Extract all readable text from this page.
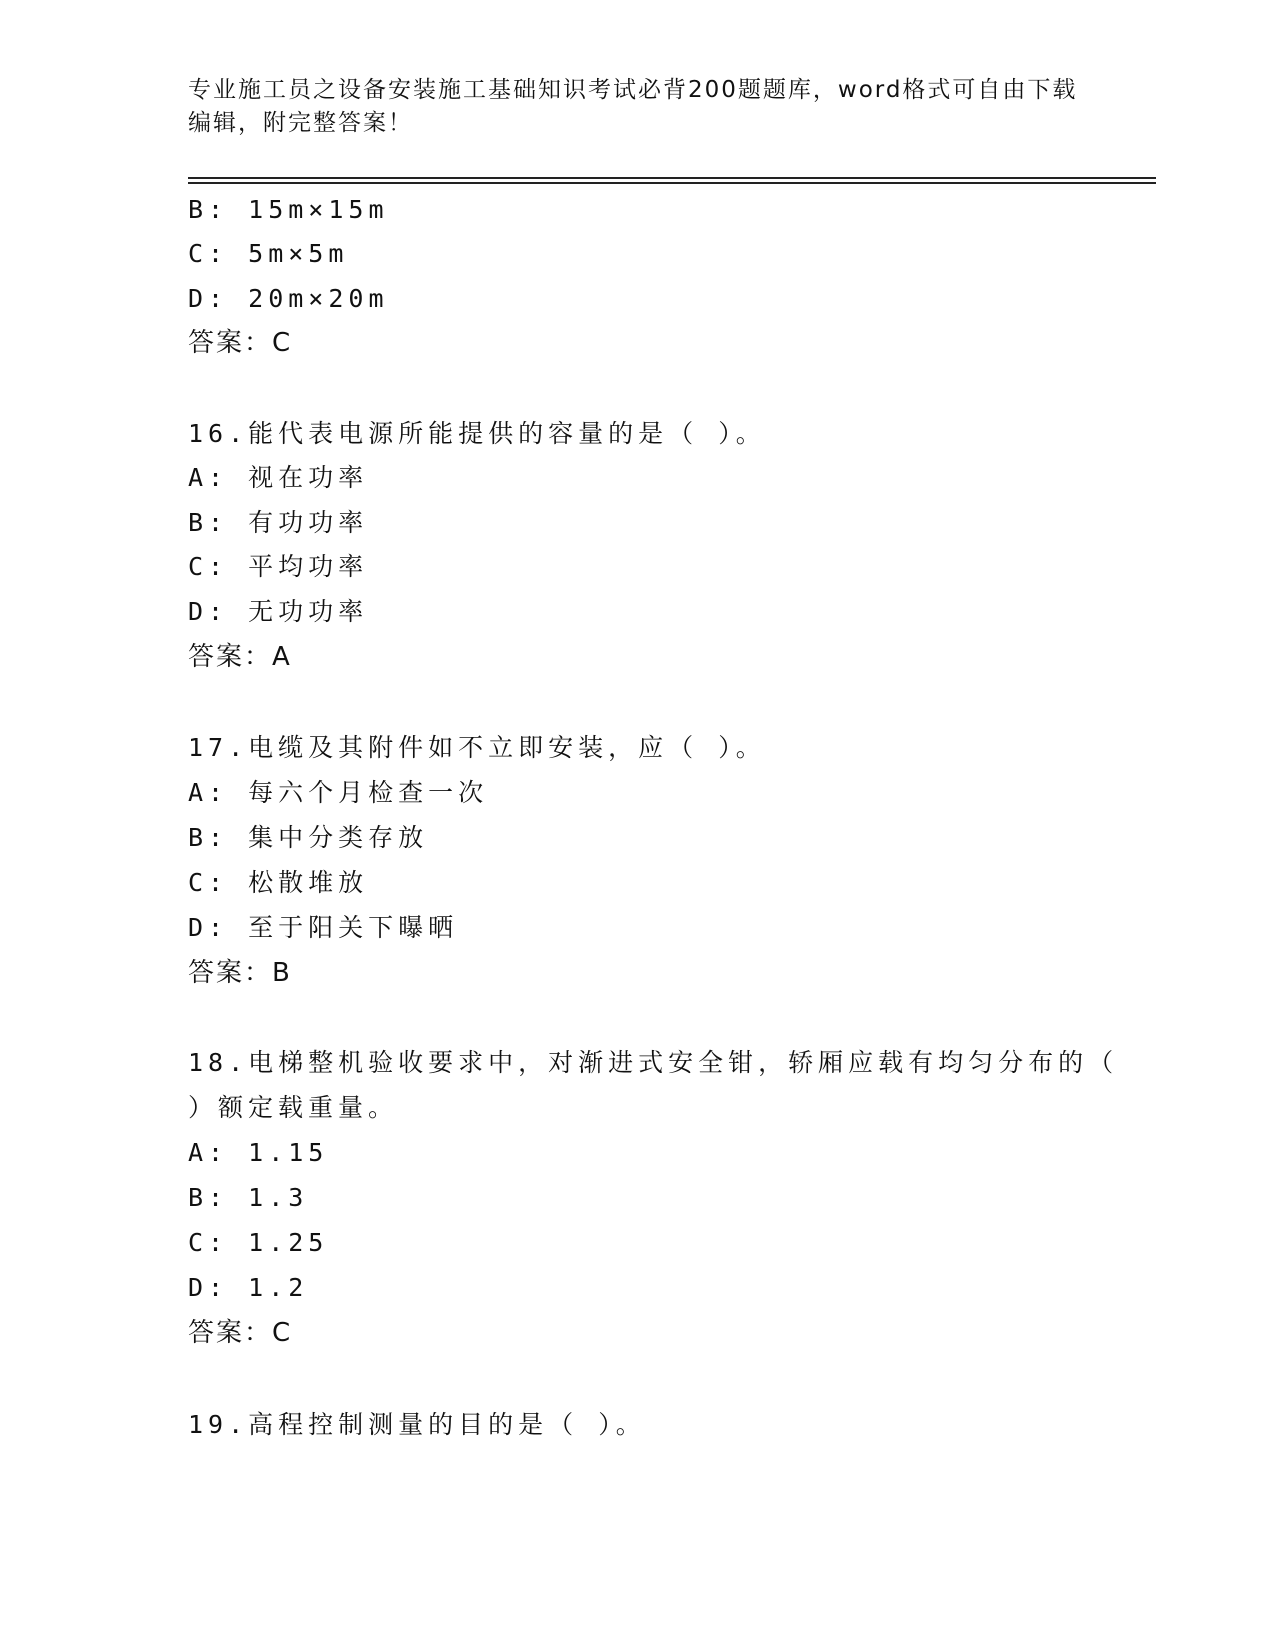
专业施工员之设备安装施工基础知识考试必背200题题库，word格式可自由下载
编辑，附完整答案！
B: 15m×15m
C: 5m×5m
D: 20m×20m
答案：C
16.能代表电源所能提供的容量的是（ ）。
A: 视在功率
B: 有功功率
C: 平均功率
D: 无功功率
答案：A
17.电缆及其附件如不立即安装，应（ ）。
A: 每六个月检查一次
B: 集中分类存放
C: 松散堆放
D: 至于阳关下曝晒
答案：B
18.电梯整机验收要求中，对渐进式安全钳，轿厢应载有均匀分布的（
）额定载重量。
A: 1.15
B: 1.3
C: 1.25
D: 1.2
答案：C
19.高程控制测量的目的是（ ）。
